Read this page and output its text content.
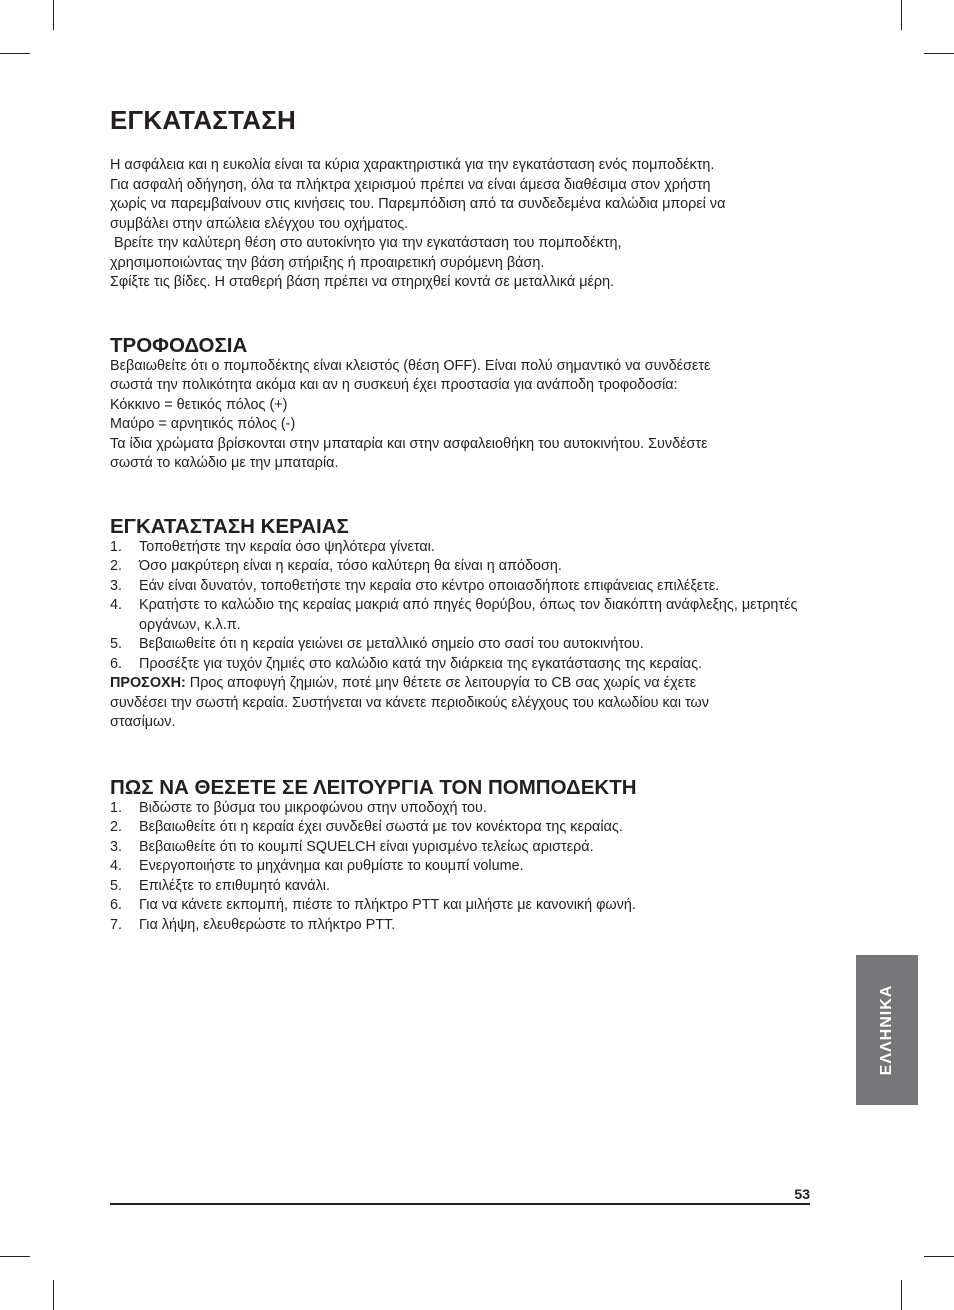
ΕΓΚΑΤΑΣΤΑΣΗ

Η ασφάλεια και η ευκολία είναι τα κύρια χαρακτηριστικά για την εγκατάσταση ενός πομποδέκτη.

Για ασφαλή οδήγηση, όλα τα πλήκτρα χειρισμού πρέπει να είναι άμεσα διαθέσιμα στον χρήστη

χωρίς να παρεμβαίνουν στις κινήσεις του. Παρεμπόδιση από τα συνδεδεμένα καλώδια μπορεί να

συμβάλει στην απώλεια ελέγχου του οχήματος.

Βρείτε την καλύτερη θέση στο αυτοκίνητο για την εγκατάσταση του πομποδέκτη,

χρησιμοποιώντας την βάση στήριξης ή προαιρετική συρόμενη βάση.

Σφίξτε τις βίδες. Η σταθερή βάση πρέπει να στηριχθεί κοντά σε μεταλλικά μέρη.

ΤΡΟΦΟΔΟΣΙΑ

Βεβαιωθείτε ότι ο πομποδέκτης είναι κλειστός (θέση OFF). Είναι πολύ σημαντικό να συνδέσετε

σωστά την πολικότητα ακόμα και αν η συσκευή έχει προστασία για ανάποδη τροφοδοσία:

Κόκκινο = θετικός πόλος (+)

Μαύρο = αρνητικός πόλος (-)

Τα ίδια χρώματα βρίσκονται στην μπαταρία και στην ασφαλειοθήκη του αυτοκινήτου. Συνδέστε

σωστά το καλώδιο με την μπαταρία.

ΕΓΚΑΤΑΣΤΑΣΗ ΚΕΡΑΙΑΣ
1. Τοποθετήστε την κεραία όσο ψηλότερα γίνεται.
2. Όσο μακρύτερη είναι η κεραία, τόσο καλύτερη θα είναι η απόδοση.
3. Εάν είναι δυνατόν, τοποθετήστε την κεραία στο κέντρο οποιασδήποτε επιφάνειας επιλέξετε.
4. Κρατήστε το καλώδιο της κεραίας μακριά από πηγές θορύβου, όπως τον διακόπτη ανάφλεξης, μετρητές οργάνων, κ.λ.π.
5. Βεβαιωθείτε ότι η κεραία γειώνει σε μεταλλικό σημείο στο σασί του αυτοκινήτου.
6. Προσέξτε για τυχόν ζημιές στο καλώδιο κατά την διάρκεια της εγκατάστασης της κεραίας.

ΠΡΟΣΟΧΗ: Προς αποφυγή ζημιών, ποτέ μην θέτετε σε λειτουργία το CB σας χωρίς να έχετε

συνδέσει την σωστή κεραία. Συστήνεται να κάνετε περιοδικούς ελέγχους του καλωδίου και των

στασίμων.

ΠΩΣ ΝΑ ΘΕΣΕΤΕ ΣΕ ΛΕΙΤΟΥΡΓΙΑ ΤΟΝ ΠΟΜΠΟΔΕΚΤΗ
1. Βιδώστε το βύσμα του μικροφώνου στην υποδοχή του.
2. Βεβαιωθείτε ότι η κεραία έχει συνδεθεί σωστά με τον κονέκτορα της κεραίας.
3. Βεβαιωθείτε ότι το κουμπί SQUELCH είναι γυρισμένο τελείως αριστερά.
4. Ενεργοποιήστε το μηχάνημα και ρυθμίστε το κουμπί volume.
5. Επιλέξτε το επιθυμητό κανάλι.
6. Για να κάνετε εκπομπή, πιέστε το πλήκτρο PTT και μιλήστε με κανονική φωνή.
7. Για λήψη, ελευθερώστε το πλήκτρο PTT.
ΕΛΛΗΝΙΚΑ
53
